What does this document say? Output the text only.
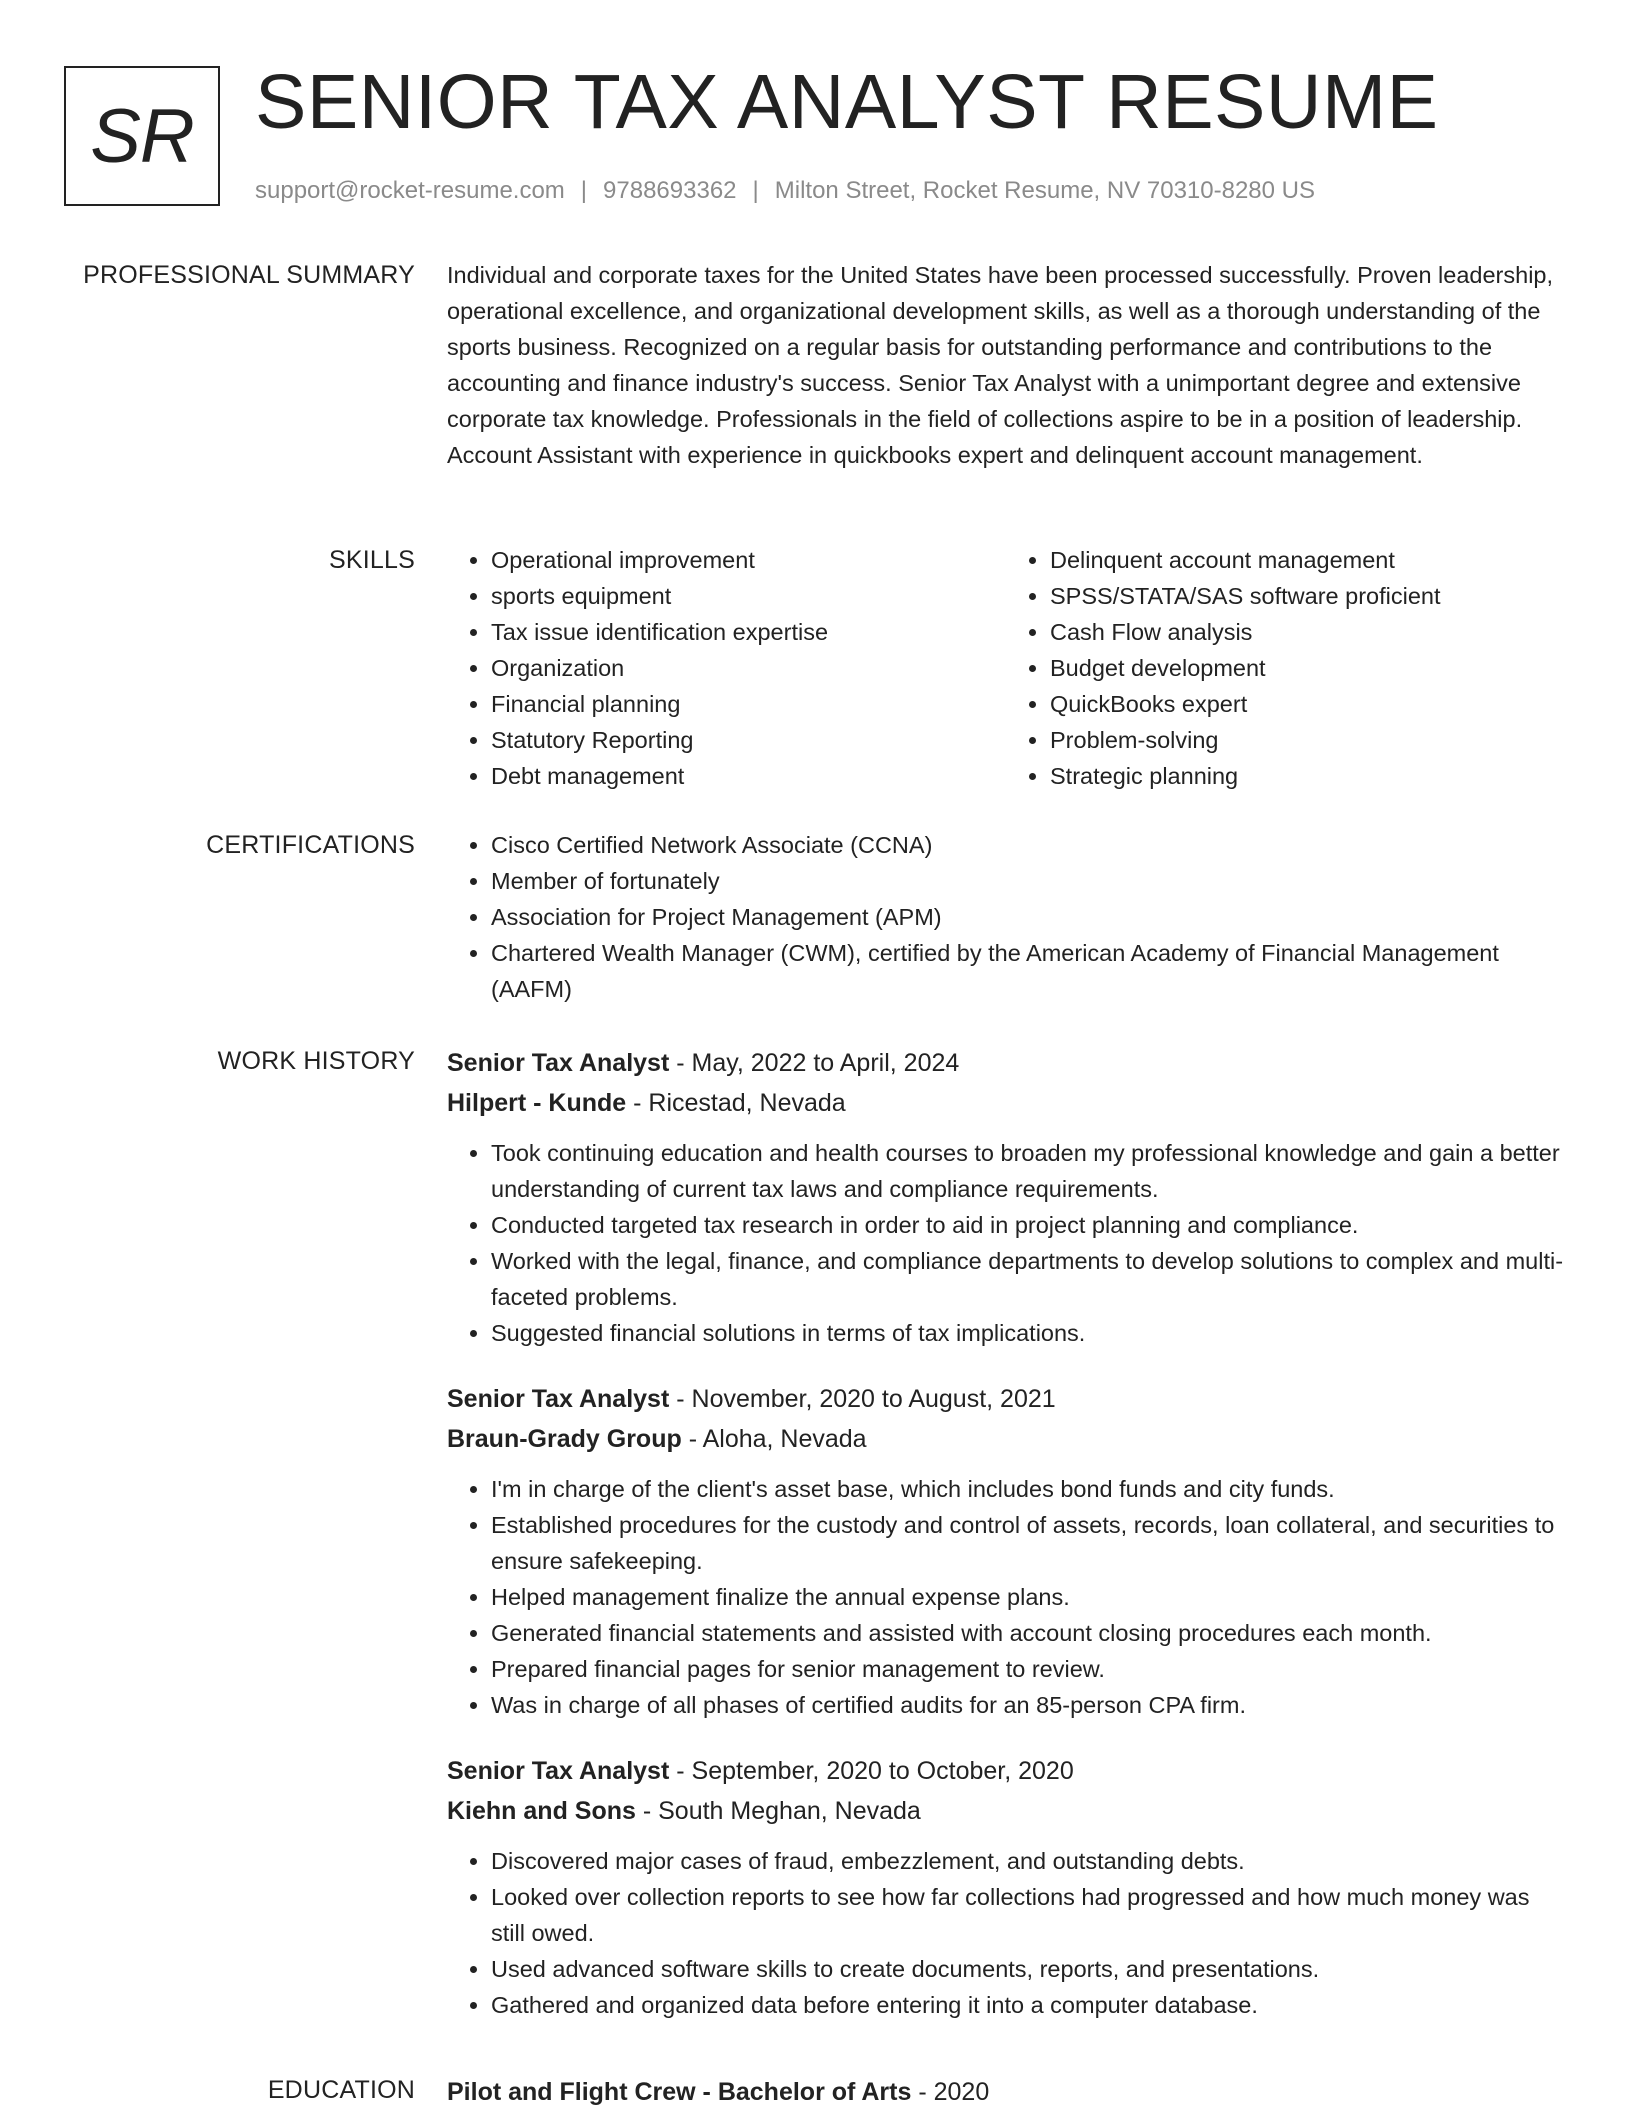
SR SENIOR TAX ANALYST RESUME
support@rocket-resume.com | 9788693362 | Milton Street, Rocket Resume, NV 70310-8280 US
PROFESSIONAL SUMMARY Individual and corporate taxes for the United States have been processed successfully. Proven leadership, operational excellence, and organizational development skills, as well as a thorough understanding of the sports business. Recognized on a regular basis for outstanding performance and contributions to the accounting and finance industry's success. Senior Tax Analyst with a unimportant degree and extensive corporate tax knowledge. Professionals in the field of collections aspire to be in a position of leadership. Account Assistant with experience in quickbooks expert and delinquent account management.

SKILLS	• Operational improvement
• sports equipment
• Tax issue identification expertise
• Organization
• Financial planning
• Statutory Reporting
• Debt management
• Delinquent account management
• SPSS/STATA/SAS software proficient
• Cash Flow analysis
• Budget development
• QuickBooks expert
• Problem-solving
• Strategic planning
CERTIFICATIONS	• Cisco Certified Network Associate (CCNA)
• Member of fortunately
• Association for Project Management (APM)
• Chartered Wealth Manager (CWM), certified by the American Academy of Financial Management (AAFM)
WORK HISTORY Senior Tax Analyst - May, 2022 to April, 2024
Hilpert - Kunde - Ricestad, Nevada
• Took continuing education and health courses to broaden my professional knowledge and gain a better understanding of current tax laws and compliance requirements.
• Conducted targeted tax research in order to aid in project planning and compliance.
• Worked with the legal, finance, and compliance departments to develop solutions to complex and multi-faceted problems.
• Suggested financial solutions in terms of tax implications.
Senior Tax Analyst - November, 2020 to August, 2021
Braun-Grady Group - Aloha, Nevada
• I'm in charge of the client's asset base, which includes bond funds and city funds.
• Established procedures for the custody and control of assets, records, loan collateral, and securities to ensure safekeeping.
• Helped management finalize the annual expense plans.
• Generated financial statements and assisted with account closing procedures each month.
• Prepared financial pages for senior management to review.
• Was in charge of all phases of certified audits for an 85-person CPA firm.
Senior Tax Analyst - September, 2020 to October, 2020
Kiehn and Sons - South Meghan, Nevada
• Discovered major cases of fraud, embezzlement, and outstanding debts.
• Looked over collection reports to see how far collections had progressed and how much money was still owed.
• Used advanced software skills to create documents, reports, and presentations.
• Gathered and organized data before entering it into a computer database.
EDUCATION Pilot and Flight Crew - Bachelor of Arts - 2020
